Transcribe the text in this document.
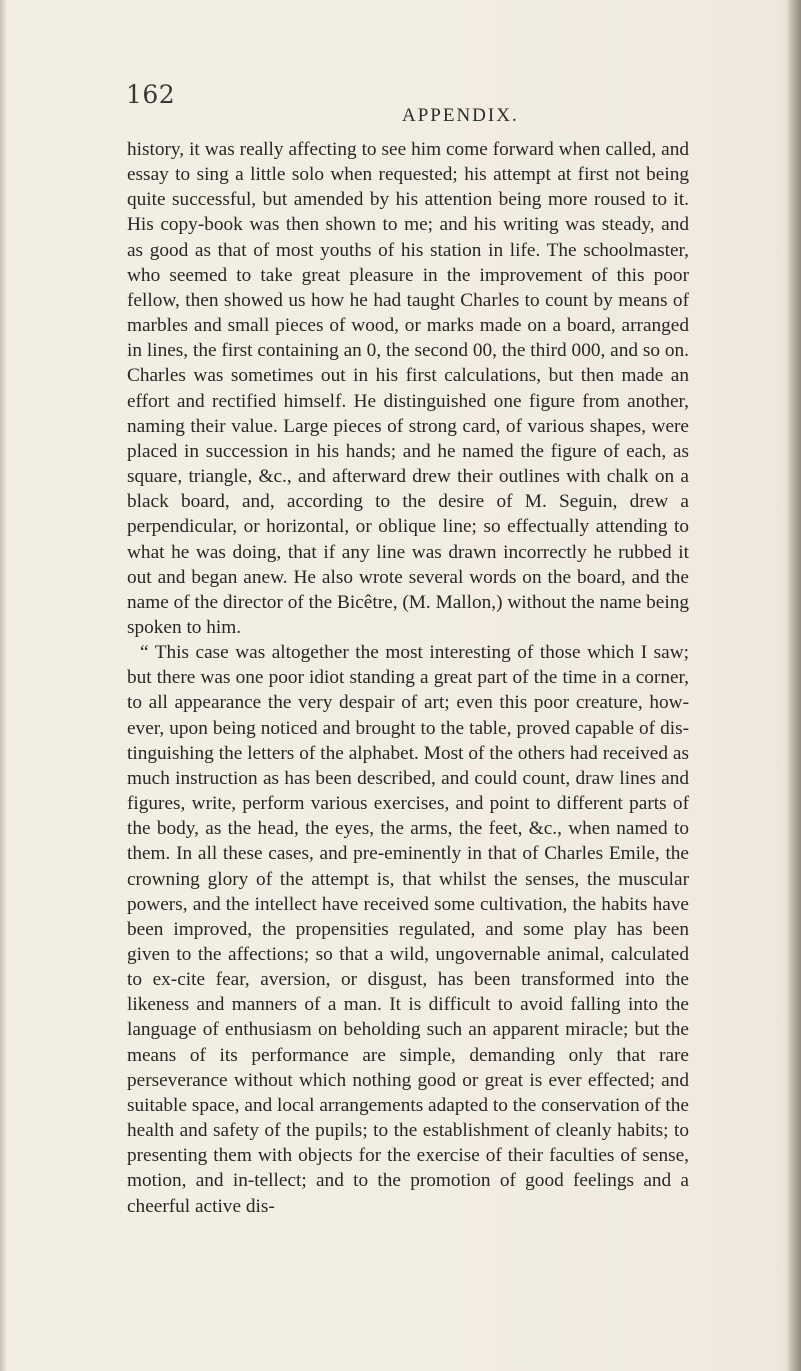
162
APPENDIX.

history, it was really affecting to see him come forward when called, and essay to sing a little solo when requested; his attempt at first not being quite successful, but amended by his attention being more roused to it. His copy-book was then shown to me; and his writing was steady, and as good as that of most youths of his station in life. The schoolmaster, who seemed to take great pleasure in the improvement of this poor fellow, then showed us how he had taught Charles to count by means of marbles and small pieces of wood, or marks made on a board, arranged in lines, the first containing an 0, the second 00, the third 000, and so on. Charles was sometimes out in his first calculations, but then made an effort and rectified himself. He distinguished one figure from another, naming their value. Large pieces of strong card, of various shapes, were placed in succession in his hands; and he named the figure of each, as square, triangle, &c., and afterward drew their outlines with chalk on a black board, and, according to the desire of M. Seguin, drew a perpendicular, or horizontal, or oblique line; so effectually attending to what he was doing, that if any line was drawn incorrectly he rubbed it out and began anew. He also wrote several words on the board, and the name of the director of the Bicêtre, (M. Mallon,) without the name being spoken to him.

“ This case was altogether the most interesting of those which I saw; but there was one poor idiot standing a great part of the time in a corner, to all appearance the very despair of art; even this poor creature, how-ever, upon being noticed and brought to the table, proved capable of dis-tinguishing the letters of the alphabet. Most of the others had received as much instruction as has been described, and could count, draw lines and figures, write, perform various exercises, and point to different parts of the body, as the head, the eyes, the arms, the feet, &c., when named to them. In all these cases, and pre-eminently in that of Charles Emile, the crowning glory of the attempt is, that whilst the senses, the muscular powers, and the intellect have received some cultivation, the habits have been improved, the propensities regulated, and some play has been given to the affections; so that a wild, ungovernable animal, calculated to ex-cite fear, aversion, or disgust, has been transformed into the likeness and manners of a man. It is difficult to avoid falling into the language of enthusiasm on beholding such an apparent miracle; but the means of its performance are simple, demanding only that rare perseverance without which nothing good or great is ever effected; and suitable space, and local arrangements adapted to the conservation of the health and safety of the pupils; to the establishment of cleanly habits; to presenting them with objects for the exercise of their faculties of sense, motion, and in-tellect; and to the promotion of good feelings and a cheerful active dis-
